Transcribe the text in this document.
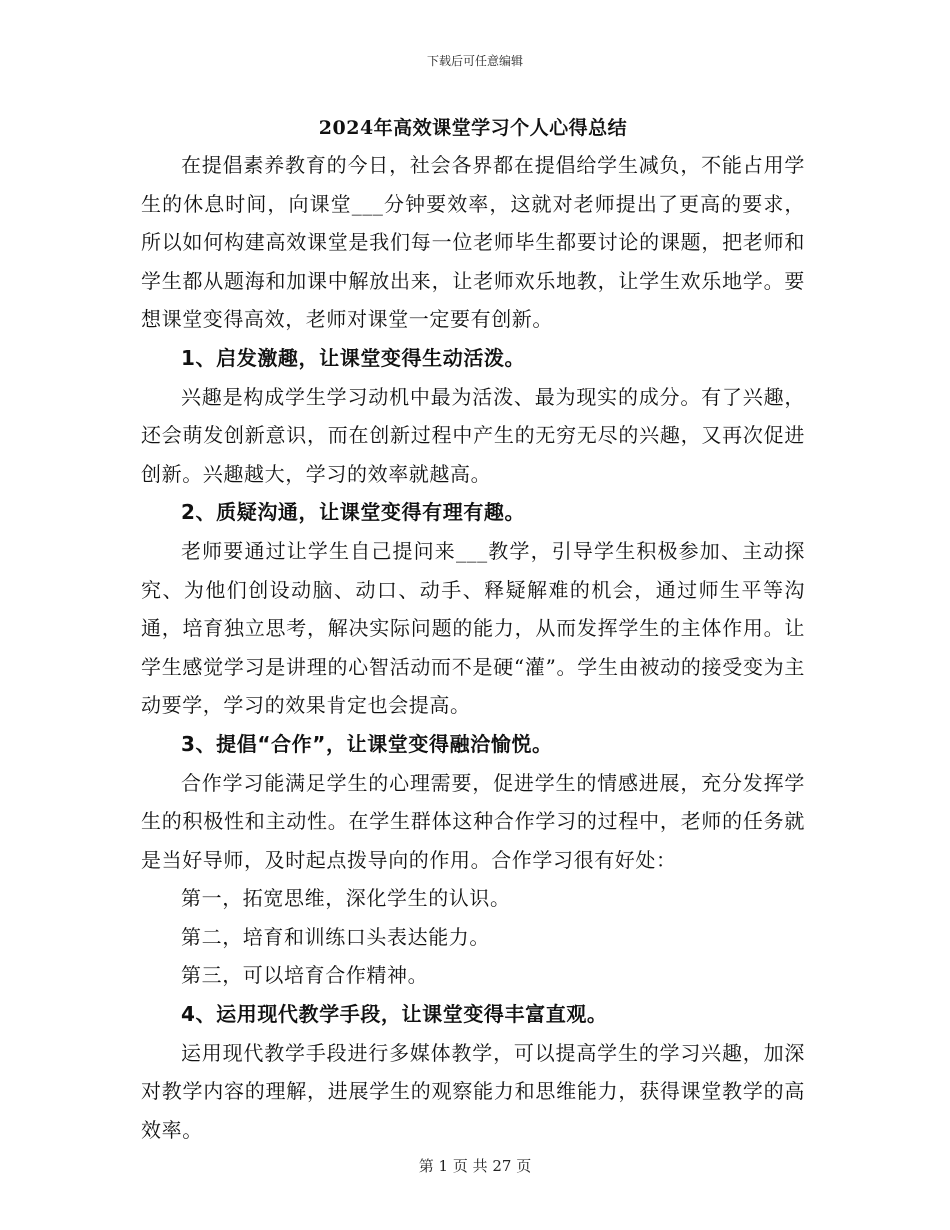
下载后可任意编辑
2024年高效课堂学习个人心得总结

在提倡素养教育的今日，社会各界都在提倡给学生减负，不能占用学生的休息时间，向课堂___分钟要效率，这就对老师提出了更高的要求，所以如何构建高效课堂是我们每一位老师毕生都要讨论的课题，把老师和学生都从题海和加课中解放出来，让老师欢乐地教，让学生欢乐地学。要想课堂变得高效，老师对课堂一定要有创新。

1、启发激趣，让课堂变得生动活泼。

兴趣是构成学生学习动机中最为活泼、最为现实的成分。有了兴趣，还会萌发创新意识，而在创新过程中产生的无穷无尽的兴趣，又再次促进创新。兴趣越大，学习的效率就越高。

2、质疑沟通，让课堂变得有理有趣。

老师要通过让学生自己提问来___教学，引导学生积极参加、主动探究、为他们创设动脑、动口、动手、释疑解难的机会，通过师生平等沟通，培育独立思考，解决实际问题的能力，从而发挥学生的主体作用。让学生感觉学习是讲理的心智活动而不是硬“灌”。学生由被动的接受变为主动要学，学习的效果肯定也会提高。

3、提倡“合作”，让课堂变得融洽愉悦。

合作学习能满足学生的心理需要，促进学生的情感进展，充分发挥学生的积极性和主动性。在学生群体这种合作学习的过程中，老师的任务就是当好导师，及时起点拨导向的作用。合作学习很有好处：

第一，拓宽思维，深化学生的认识。

第二，培育和训练口头表达能力。

第三，可以培育合作精神。

4、运用现代教学手段，让课堂变得丰富直观。

运用现代教学手段进行多媒体教学，可以提高学生的学习兴趣，加深对教学内容的理解，进展学生的观察能力和思维能力，获得课堂教学的高效率。

第 1 页 共 27 页
